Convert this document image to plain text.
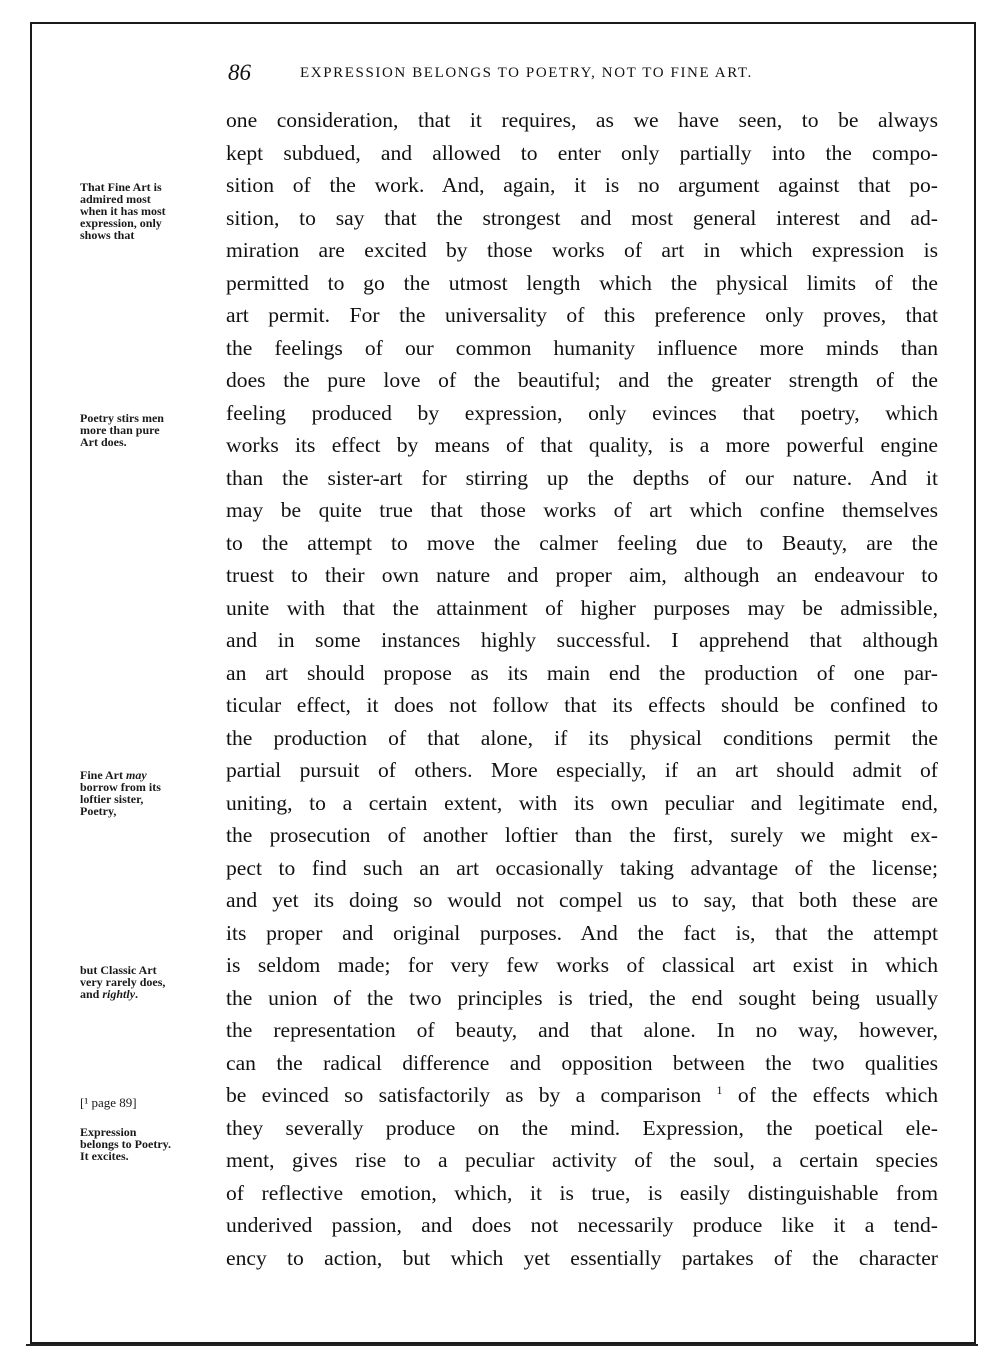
86	EXPRESSION BELONGS TO POETRY, NOT TO FINE ART.
That Fine Art is
admired most
when it has most
expression, only
shows that
Poetry stirs men
more than pure
Art does.
Fine Art may
borrow from its
loftier sister,
Poetry,
but Classic Art
very rarely does,
and rightly.
[¹ page 89]
Expression
belongs to Poetry.
It excites.
one consideration, that it requires, as we have seen, to be always
kept subdued, and allowed to enter only partially into the compo-
sition of the work. And, again, it is no argument against that po-
sition, to say that the strongest and most general interest and ad-
miration are excited by those works of art in which expression is
permitted to go the utmost length which the physical limits of the
art permit. For the universality of this preference only proves, that
the feelings of our common humanity influence more minds than
does the pure love of the beautiful; and the greater strength of the
feeling produced by expression, only evinces that poetry, which
works its effect by means of that quality, is a more powerful engine
than the sister-art for stirring up the depths of our nature. And it
may be quite true that those works of art which confine themselves
to the attempt to move the calmer feeling due to Beauty, are the
truest to their own nature and proper aim, although an endeavour to
unite with that the attainment of higher purposes may be admissible,
and in some instances highly successful. I apprehend that although
an art should propose as its main end the production of one par-
ticular effect, it does not follow that its effects should be confined to
the production of that alone, if its physical conditions permit the
partial pursuit of others. More especially, if an art should admit of
uniting, to a certain extent, with its own peculiar and legitimate end,
the prosecution of another loftier than the first, surely we might ex-
pect to find such an art occasionally taking advantage of the license;
and yet its doing so would not compel us to say, that both these are
its proper and original purposes. And the fact is, that the attempt
is seldom made; for very few works of classical art exist in which
the union of the two principles is tried, the end sought being usually
the representation of beauty, and that alone. In no way, however,
can the radical difference and opposition between the two qualities
be evinced so satisfactorily as by a comparison $^1$ of the effects which
they severally produce on the mind. Expression, the poetical ele-
ment, gives rise to a peculiar activity of the soul, a certain species
of reflective emotion, which, it is true, is easily distinguishable from
underived passion, and does not necessarily produce like it a tend-
ency to action, but which yet essentially partakes of the character
